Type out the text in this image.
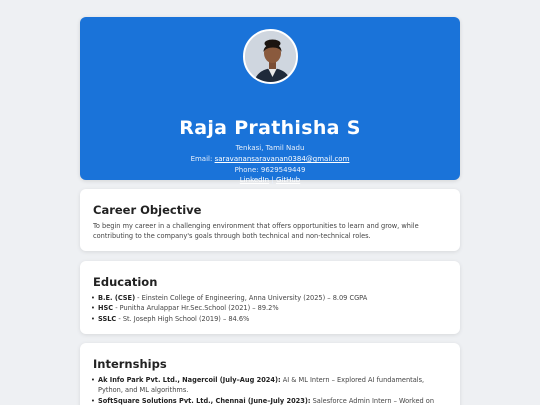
Raja Prathisha S
Tenkasi, Tamil Nadu
Email: saravanansaravanan0384@gmail.com
Phone: 9629549449
LinkedIn | GitHub
Career Objective

To begin my career in a challenging environment that offers opportunities to learn and grow, while contributing to the company's goals through both technical and non-technical roles.

Education
• B.E. (CSE) - Einstein College of Engineering, Anna University (2025) – 8.09 CGPA
• HSC - Punitha Arulappar Hr.Sec.School (2021) – 89.2%
• SSLC - St. Joseph High School (2019) – 84.6%
Internships
• Ak Info Park Pvt. Ltd., Nagercoil (July–Aug 2024): AI & ML Intern – Explored AI fundamentals, Python, and ML algorithms.
• SoftSquare Solutions Pvt. Ltd., Chennai (June–July 2023): Salesforce Admin Intern – Worked on
